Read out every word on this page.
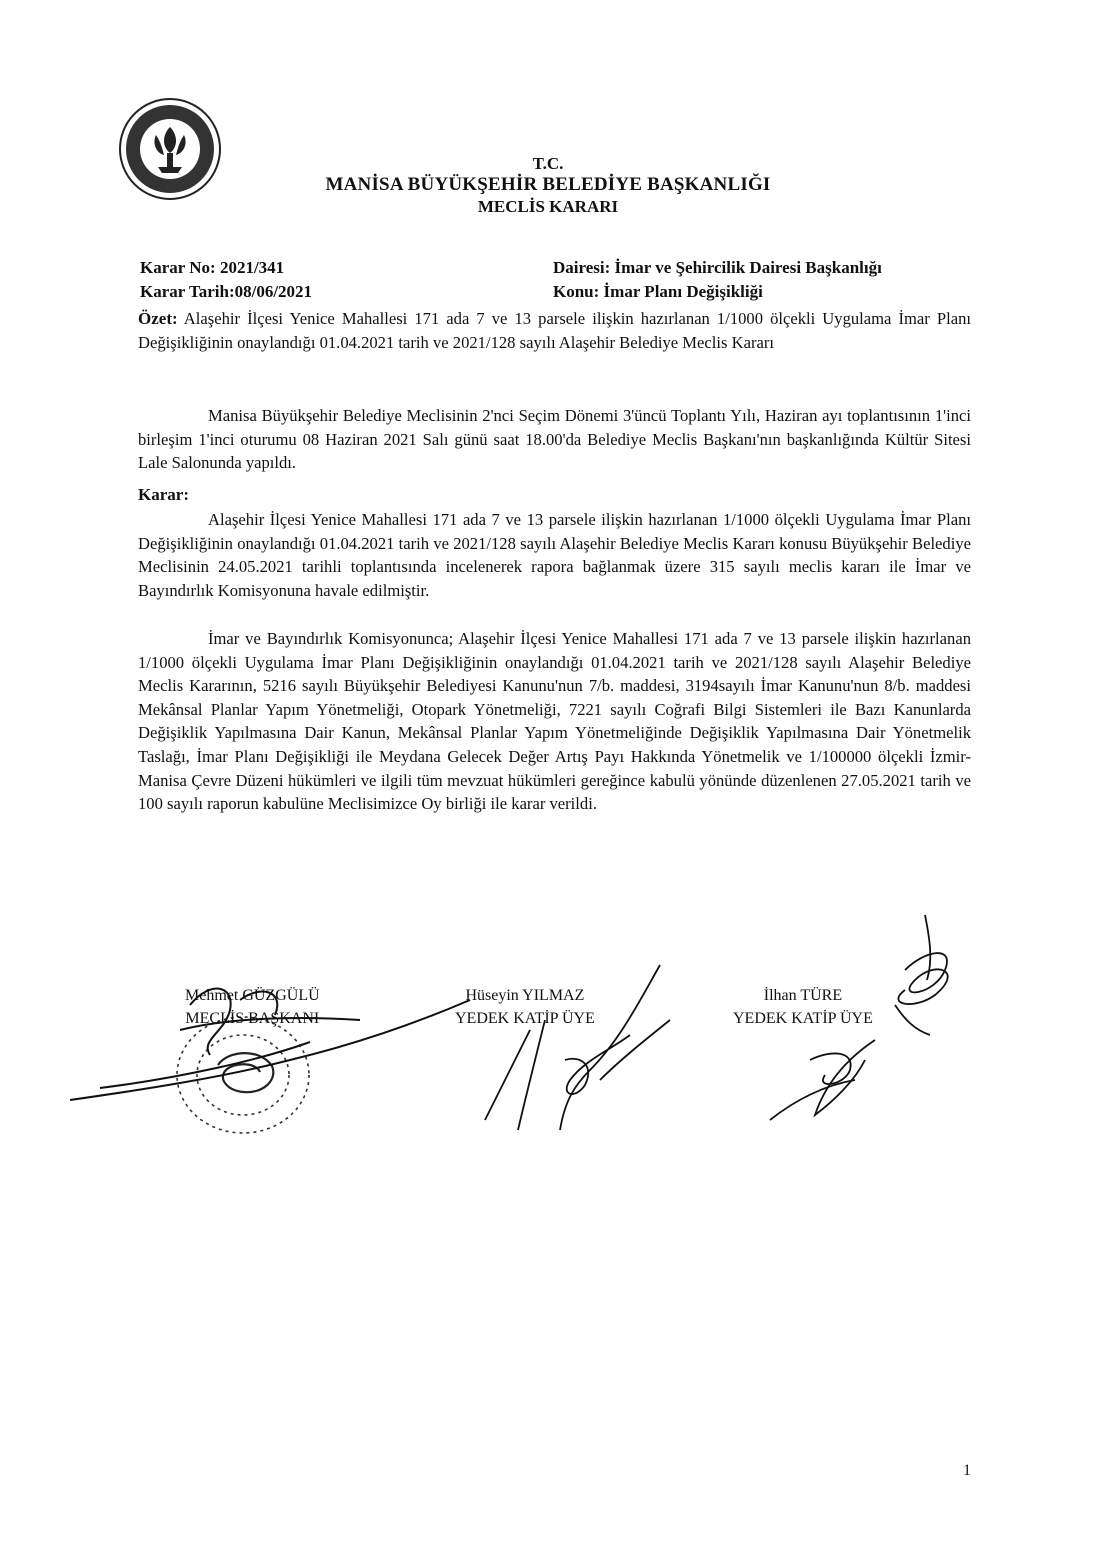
T.C.
MANİSA BÜYÜKŞEHİR BELEDİYE BAŞKANLIĞI
MECLİS KARARI
Karar No: 2021/341
Karar Tarih:08/06/2021
Dairesi: İmar ve Şehircilik Dairesi Başkanlığı
Konu: İmar Planı Değişikliği

Özet: Alaşehir İlçesi Yenice Mahallesi 171 ada 7 ve 13 parsele ilişkin hazırlanan 1/1000 ölçekli Uygulama İmar Planı Değişikliğinin onaylandığı 01.04.2021 tarih ve 2021/128 sayılı Alaşehir Belediye Meclis Kararı

Manisa Büyükşehir Belediye Meclisinin 2'nci Seçim Dönemi 3'üncü Toplantı Yılı, Haziran ayı toplantısının 1'inci birleşim 1'inci oturumu 08 Haziran 2021 Salı günü saat 18.00'da Belediye Meclis Başkanı'nın başkanlığında Kültür Sitesi Lale Salonunda yapıldı.

Karar:

Alaşehir İlçesi Yenice Mahallesi 171 ada 7 ve 13 parsele ilişkin hazırlanan 1/1000 ölçekli Uygulama İmar Planı Değişikliğinin onaylandığı 01.04.2021 tarih ve 2021/128 sayılı Alaşehir Belediye Meclis Kararı konusu Büyükşehir Belediye Meclisinin 24.05.2021 tarihli toplantısında incelenerek rapora bağlanmak üzere 315 sayılı meclis kararı ile İmar ve Bayındırlık Komisyonuna havale edilmiştir.

İmar ve Bayındırlık Komisyonunca; Alaşehir İlçesi Yenice Mahallesi 171 ada 7 ve 13 parsele ilişkin hazırlanan 1/1000 ölçekli Uygulama İmar Planı Değişikliğinin onaylandığı 01.04.2021 tarih ve 2021/128 sayılı Alaşehir Belediye Meclis Kararının, 5216 sayılı Büyükşehir Belediyesi Kanunu'nun 7/b. maddesi, 3194sayılı İmar Kanunu'nun 8/b. maddesi Mekânsal Planlar Yapım Yönetmeliği, Otopark Yönetmeliği, 7221 sayılı Coğrafi Bilgi Sistemleri ile Bazı Kanunlarda Değişiklik Yapılmasına Dair Kanun, Mekânsal Planlar Yapım Yönetmeliğinde Değişiklik Yapılmasına Dair Yönetmelik Taslağı, İmar Planı Değişikliği ile Meydana Gelecek Değer Artış Payı Hakkında Yönetmelik ve 1/100000 ölçekli İzmir-Manisa Çevre Düzeni hükümleri ve ilgili tüm mevzuat hükümleri gereğince kabulü yönünde düzenlenen 27.05.2021 tarih ve 100 sayılı raporun kabulüne Meclisimizce Oy birliği ile karar verildi.

Mehmet GÜZGÜLÜ
MECLİS BAŞKANI
Hüseyin YILMAZ
YEDEK KATİP ÜYE
İlhan TÜRE
YEDEK KATİP ÜYE
1
